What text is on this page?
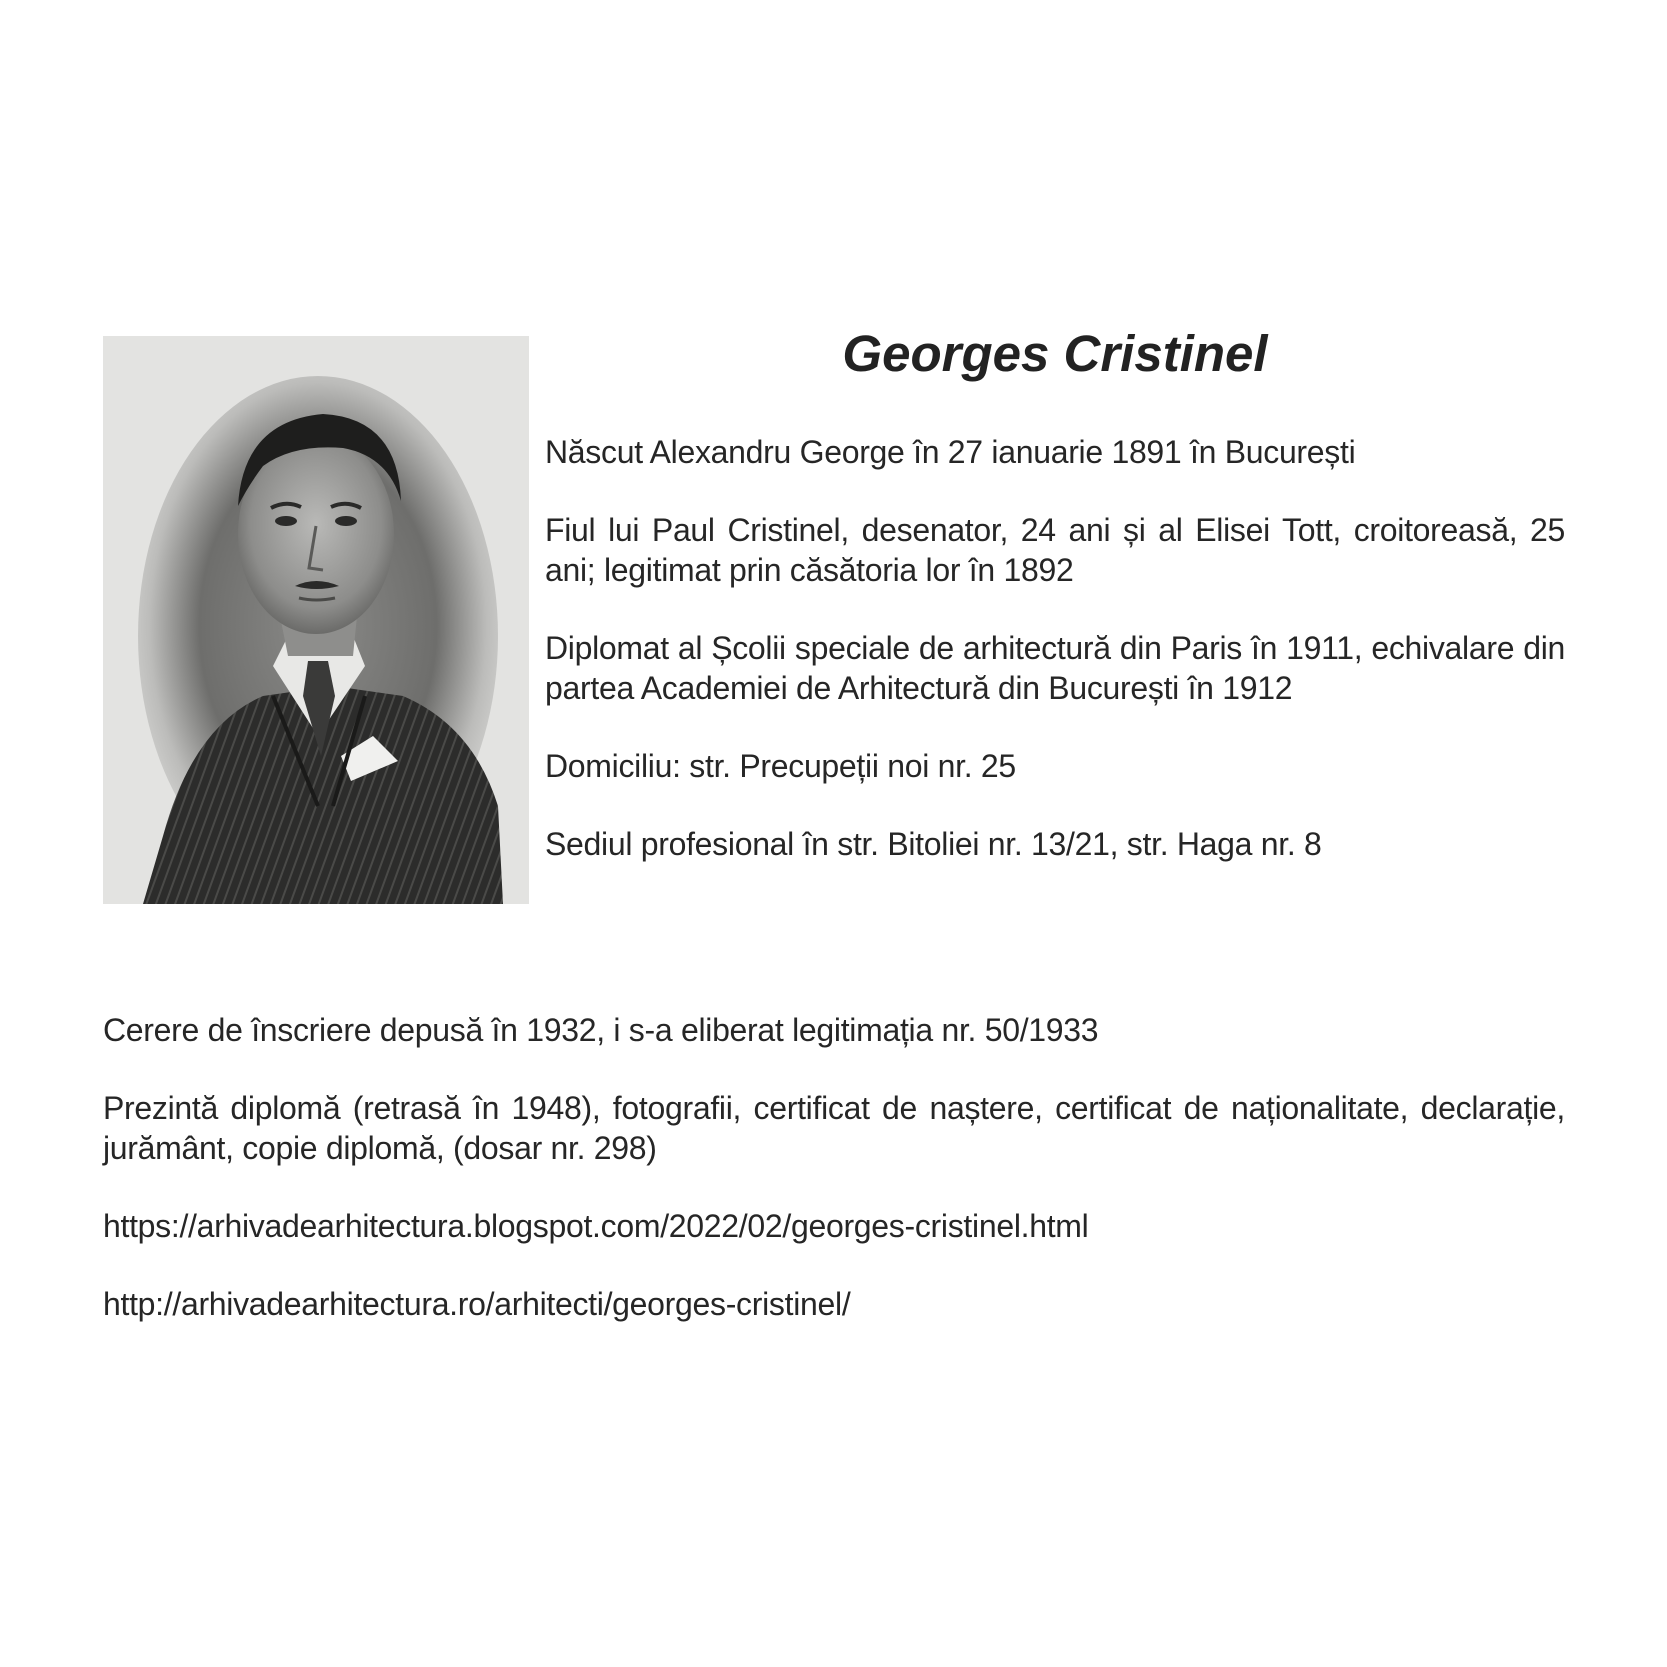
Georges Cristinel

Născut Alexandru George în 27 ianuarie 1891 în București

Fiul lui Paul Cristinel, desenator, 24 ani și al Elisei Tott, croitoreasă, 25 ani; legitimat prin căsătoria lor în 1892

Diplomat al Școlii speciale de arhitectură din Paris în 1911, echivalare din partea Academiei de Arhitectură din București în 1912

Domiciliu: str. Precupeții noi nr. 25

Sediul profesional în str. Bitoliei nr. 13/21, str. Haga nr. 8

Cerere de înscriere depusă în 1932, i s-a eliberat legitimația nr. 50/1933

Prezintă diplomă (retrasă în 1948), fotografii, certificat de naștere, certificat de naționalitate, declarație, jurământ, copie diplomă, (dosar nr. 298)

https://arhivadearhitectura.blogspot.com/2022/02/georges-cristinel.html

http://arhivadearhitectura.ro/arhitecti/georges-cristinel/
